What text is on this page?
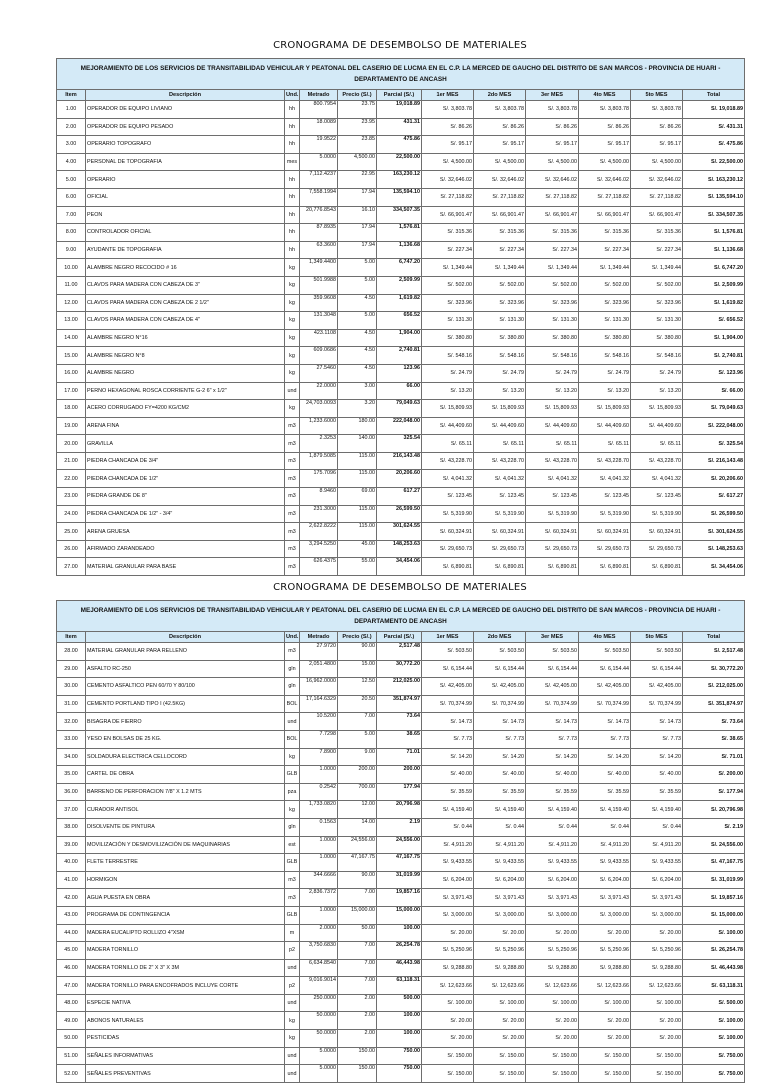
CRONOGRAMA DE DESEMBOLSO DE MATERIALES
MEJORAMIENTO DE LOS SERVICIOS DE TRANSITABILIDAD VEHICULAR Y PEATONAL DEL CASERIO DE LUCMA EN EL C.P. LA MERCED DE GAUCHO DEL DISTRITO DE SAN MARCOS - PROVINCIA DE HUARI - DEPARTAMENTO DE ANCASH											
Item	Descripción	Und.	Metrado	Precio (S/.)	Parcial (S/.)	1er MES	2do MES	3er MES	4to MES	5to MES	Total
1.00	OPERADOR DE EQUIPO LIVIANO	hh	800.7954	23.75	19,018.89	S/. 3,803.78	S/. 3,803.78	S/. 3,803.78	S/. 3,803.78	S/. 3,803.78	S/. 19,018.89
2.00	OPERADOR DE EQUIPO PESADO	hh	18.0089	23.95	431.31	S/. 86.26	S/. 86.26	S/. 86.26	S/. 86.26	S/. 86.26	S/. 431.31
3.00	OPERARIO TOPOGRAFO	hh	19.9522	23.85	475.86	S/. 95.17	S/. 95.17	S/. 95.17	S/. 95.17	S/. 95.17	S/. 475.86
4.00	PERSONAL DE TOPOGRAFIA	mes	5.0000	4,500.00	22,500.00	S/. 4,500.00	S/. 4,500.00	S/. 4,500.00	S/. 4,500.00	S/. 4,500.00	S/. 22,500.00
5.00	OPERARIO	hh	7,112.4237	22.95	163,230.12	S/. 32,646.02	S/. 32,646.02	S/. 32,646.02	S/. 32,646.02	S/. 32,646.02	S/. 163,230.12
6.00	OFICIAL	hh	7,558.1994	17.94	135,594.10	S/. 27,118.82	S/. 27,118.82	S/. 27,118.82	S/. 27,118.82	S/. 27,118.82	S/. 135,594.10
7.00	PEON	hh	20,776.8543	16.10	334,507.35	S/. 66,901.47	S/. 66,901.47	S/. 66,901.47	S/. 66,901.47	S/. 66,901.47	S/. 334,507.35
8.00	CONTROLADOR OFICIAL	hh	87.8935	17.94	1,576.81	S/. 315.36	S/. 315.36	S/. 315.36	S/. 315.36	S/. 315.36	S/. 1,576.81
9.00	AYUDANTE DE TOPOGRAFIA	hh	63.3600	17.94	1,136.68	S/. 227.34	S/. 227.34	S/. 227.34	S/. 227.34	S/. 227.34	S/. 1,136.68
10.00	ALAMBRE NEGRO RECOCIDO # 16	kg	1,349.4400	5.00	6,747.20	S/. 1,349.44	S/. 1,349.44	S/. 1,349.44	S/. 1,349.44	S/. 1,349.44	S/. 6,747.20
11.00	CLAVOS PARA MADERA CON CABEZA DE 3"	kg	501.9988	5.00	2,509.99	S/. 502.00	S/. 502.00	S/. 502.00	S/. 502.00	S/. 502.00	S/. 2,509.99
12.00	CLAVOS PARA MADERA CON CABEZA DE 2 1/2"	kg	359.9608	4.50	1,619.82	S/. 323.96	S/. 323.96	S/. 323.96	S/. 323.96	S/. 323.96	S/. 1,619.82
13.00	CLAVOS PARA MADERA CON CABEZA DE 4"	kg	131.3048	5.00	656.52	S/. 131.30	S/. 131.30	S/. 131.30	S/. 131.30	S/. 131.30	S/. 656.52
14.00	ALAMBRE NEGRO N°16	kg	423.1108	4.50	1,904.00	S/. 380.80	S/. 380.80	S/. 380.80	S/. 380.80	S/. 380.80	S/. 1,904.00
15.00	ALAMBRE NEGRO N°8	kg	609.0686	4.50	2,740.81	S/. 548.16	S/. 548.16	S/. 548.16	S/. 548.16	S/. 548.16	S/. 2,740.81
16.00	ALAMBRE NEGRO	kg	27.5460	4.50	123.96	S/. 24.79	S/. 24.79	S/. 24.79	S/. 24.79	S/. 24.79	S/. 123.96
17.00	PERNO HEXAGONAL ROSCA CORRIENTE G-2 6" x 1/2"	und	22.0000	3.00	66.00	S/. 13.20	S/. 13.20	S/. 13.20	S/. 13.20	S/. 13.20	S/. 66.00
18.00	ACERO CORRUGADO FY=4200 KG/CM2	kg	24,703.0093	3.20	79,049.63	S/. 15,809.93	S/. 15,809.93	S/. 15,809.93	S/. 15,809.93	S/. 15,809.93	S/. 79,049.63
19.00	ARENA FINA	m3	1,233.6000	180.00	222,048.00	S/. 44,409.60	S/. 44,409.60	S/. 44,409.60	S/. 44,409.60	S/. 44,409.60	S/. 222,048.00
20.00	GRAVILLA	m3	2.3253	140.00	325.54	S/. 65.11	S/. 65.11	S/. 65.11	S/. 65.11	S/. 65.11	S/. 325.54
21.00	PIEDRA CHANCADA DE 3/4"	m3	1,879.5085	115.00	216,143.48	S/. 43,228.70	S/. 43,228.70	S/. 43,228.70	S/. 43,228.70	S/. 43,228.70	S/. 216,143.48
22.00	PIEDRA CHANCADA DE 1/2"	m3	175.7096	115.00	20,206.60	S/. 4,041.32	S/. 4,041.32	S/. 4,041.32	S/. 4,041.32	S/. 4,041.32	S/. 20,206.60
23.00	PIEDRA GRANDE DE 8"	m3	8.9460	69.00	617.27	S/. 123.45	S/. 123.45	S/. 123.45	S/. 123.45	S/. 123.45	S/. 617.27
24.00	PIEDRA CHANCADA DE 1/2" - 3/4"	m3	231.3000	115.00	26,599.50	S/. 5,319.90	S/. 5,319.90	S/. 5,319.90	S/. 5,319.90	S/. 5,319.90	S/. 26,599.50
25.00	ARENA GRUESA	m3	2,622.8222	115.00	301,624.55	S/. 60,324.91	S/. 60,324.91	S/. 60,324.91	S/. 60,324.91	S/. 60,324.91	S/. 301,624.55
26.00	AFIRMADO ZARANDEADO	m3	3,294.5250	45.00	148,253.63	S/. 29,650.73	S/. 29,650.73	S/. 29,650.73	S/. 29,650.73	S/. 29,650.73	S/. 148,253.63
27.00	MATERIAL GRANULAR PARA BASE	m3	626.4375	55.00	34,454.06	S/. 6,890.81	S/. 6,890.81	S/. 6,890.81	S/. 6,890.81	S/. 6,890.81	S/. 34,454.06
CRONOGRAMA DE DESEMBOLSO DE MATERIALES
MEJORAMIENTO DE LOS SERVICIOS DE TRANSITABILIDAD VEHICULAR Y PEATONAL DEL CASERIO DE LUCMA EN EL C.P. LA MERCED DE GAUCHO DEL DISTRITO DE SAN MARCOS - PROVINCIA DE HUARI - DEPARTAMENTO DE ANCASH											
Item	Descripción	Und.	Metrado	Precio (S/.)	Parcial (S/.)	1er MES	2do MES	3er MES	4to MES	5to MES	Total
28.00	MATERIAL GRANULAR PARA RELLENO	m3	27.9720	90.00	2,517.48	S/. 503.50	S/. 503.50	S/. 503.50	S/. 503.50	S/. 503.50	S/. 2,517.48
29.00	ASFALTO RC-250	gln	2,051.4800	15.00	30,772.20	S/. 6,154.44	S/. 6,154.44	S/. 6,154.44	S/. 6,154.44	S/. 6,154.44	S/. 30,772.20
30.00	CEMENTO ASFALTICO PEN 60/70 Y 80/100	gln	16,962.0000	12.50	212,025.00	S/. 42,405.00	S/. 42,405.00	S/. 42,405.00	S/. 42,405.00	S/. 42,405.00	S/. 212,025.00
31.00	CEMENTO PORTLAND TIPO I (42.5KG)	BOL	17,164.6329	20.50	351,874.97	S/. 70,374.99	S/. 70,374.99	S/. 70,374.99	S/. 70,374.99	S/. 70,374.99	S/. 351,874.97
32.00	BISAGRA DE FIERRO	und	10.5200	7.00	73.64	S/. 14.73	S/. 14.73	S/. 14.73	S/. 14.73	S/. 14.73	S/. 73.64
33.00	YESO EN BOLSAS DE 25 KG.	BOL	7.7298	5.00	38.65	S/. 7.73	S/. 7.73	S/. 7.73	S/. 7.73	S/. 7.73	S/. 38.65
34.00	SOLDADURA ELECTRICA CELLOCORD	kg	7.8900	9.00	71.01	S/. 14.20	S/. 14.20	S/. 14.20	S/. 14.20	S/. 14.20	S/. 71.01
35.00	CARTEL DE OBRA	GLB	1.0000	200.00	200.00	S/. 40.00	S/. 40.00	S/. 40.00	S/. 40.00	S/. 40.00	S/. 200.00
36.00	BARRENO DE PERFORACION 7/8" X 1.2 MTS	pza	0.2542	700.00	177.94	S/. 35.59	S/. 35.59	S/. 35.59	S/. 35.59	S/. 35.59	S/. 177.94
37.00	CURADOR ANTISOL	kg	1,733.0820	12.00	20,796.98	S/. 4,159.40	S/. 4,159.40	S/. 4,159.40	S/. 4,159.40	S/. 4,159.40	S/. 20,796.98
38.00	DISOLVENTE DE PINTURA	gln	0.1563	14.00	2.19	S/. 0.44	S/. 0.44	S/. 0.44	S/. 0.44	S/. 0.44	S/. 2.19
39.00	MOVILIZACIÓN Y DESMOVILIZACIÓN DE MAQUINARIAS	est	1.0000	24,556.00	24,556.00	S/. 4,911.20	S/. 4,911.20	S/. 4,911.20	S/. 4,911.20	S/. 4,911.20	S/. 24,556.00
40.00	FLETE TERRESTRE	GLB	1.0000	47,167.75	47,167.75	S/. 9,433.55	S/. 9,433.55	S/. 9,433.55	S/. 9,433.55	S/. 9,433.55	S/. 47,167.75
41.00	HORMIGON	m3	344.6666	90.00	31,019.99	S/. 6,204.00	S/. 6,204.00	S/. 6,204.00	S/. 6,204.00	S/. 6,204.00	S/. 31,019.99
42.00	AGUA PUESTA EN OBRA	m3	2,836.7372	7.00	19,857.16	S/. 3,971.43	S/. 3,971.43	S/. 3,971.43	S/. 3,971.43	S/. 3,971.43	S/. 19,857.16
43.00	PROGRAMA DE CONTINGENCIA	GLB	1.0000	15,000.00	15,000.00	S/. 3,000.00	S/. 3,000.00	S/. 3,000.00	S/. 3,000.00	S/. 3,000.00	S/. 15,000.00
44.00	MADERA EUCALIPTO ROLLIZO 4"XSM	m	2.0000	50.00	100.00	S/. 20.00	S/. 20.00	S/. 20.00	S/. 20.00	S/. 20.00	S/. 100.00
45.00	MADERA TORNILLO	p2	3,750.6830	7.00	26,254.78	S/. 5,250.96	S/. 5,250.96	S/. 5,250.96	S/. 5,250.96	S/. 5,250.96	S/. 26,254.78
46.00	MADERA TORNILLO DE 2" X 3" X 3M	und	6,634.8540	7.00	46,443.98	S/. 9,288.80	S/. 9,288.80	S/. 9,288.80	S/. 9,288.80	S/. 9,288.80	S/. 46,443.98
47.00	MADERA TORNILLO PARA ENCOFRADOS INCLUYE CORTE	p2	9,016.9014	7.00	63,118.31	S/. 12,623.66	S/. 12,623.66	S/. 12,623.66	S/. 12,623.66	S/. 12,623.66	S/. 63,118.31
48.00	ESPECIE NATIVA	und	250.0000	2.00	500.00	S/. 100.00	S/. 100.00	S/. 100.00	S/. 100.00	S/. 100.00	S/. 500.00
49.00	ABONOS NATURALES	kg	50.0000	2.00	100.00	S/. 20.00	S/. 20.00	S/. 20.00	S/. 20.00	S/. 20.00	S/. 100.00
50.00	PESTICIDAS	kg	50.0000	2.00	100.00	S/. 20.00	S/. 20.00	S/. 20.00	S/. 20.00	S/. 20.00	S/. 100.00
51.00	SEÑALES INFORMATIVAS	und	5.0000	150.00	750.00	S/. 150.00	S/. 150.00	S/. 150.00	S/. 150.00	S/. 150.00	S/. 750.00
52.00	SEÑALES PREVENTIVAS	und	5.0000	150.00	750.00	S/. 150.00	S/. 150.00	S/. 150.00	S/. 150.00	S/. 150.00	S/. 750.00
